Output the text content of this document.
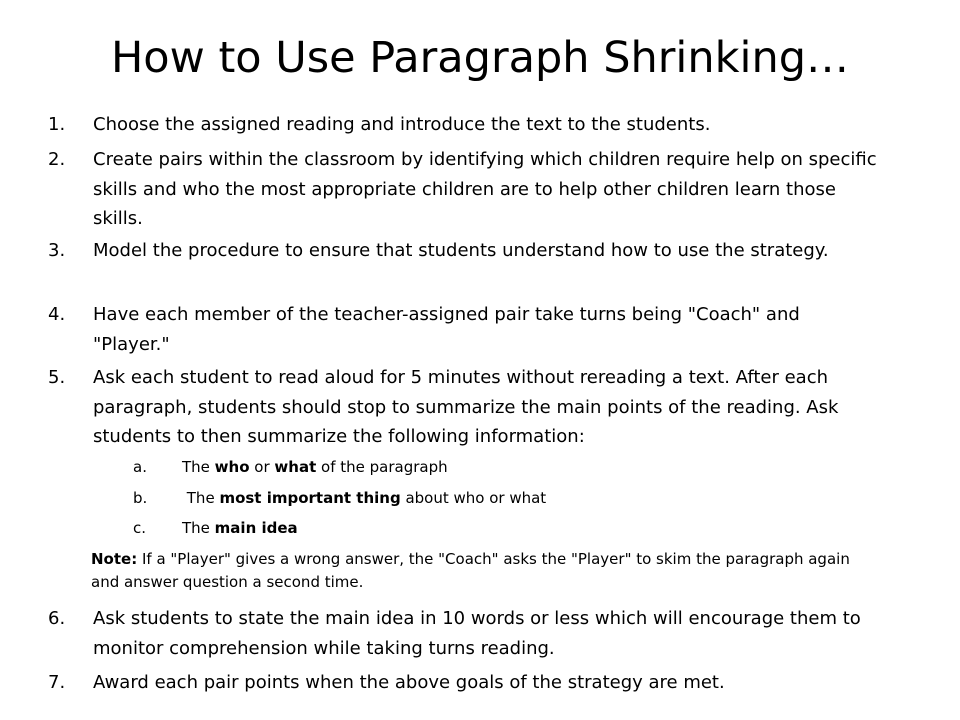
How to Use Paragraph Shrinking…
1.	Choose the assigned reading and introduce the text to the students.
2.	Create pairs within the classroom by identifying which children require help on specific skills and who the most appropriate children are to help other children learn those skills.
3.	Model the procedure to ensure that students understand how to use the strategy.
4.	Have each member of the teacher-assigned pair take turns being "Coach" and "Player."
5.	Ask each student to read aloud for 5 minutes without rereading a text. After each paragraph, students should stop to summarize the main points of the reading. Ask students to then summarize the following information:
a.	The who or what of the paragraph
b.	The most important thing about who or what
c.	The main idea
Note: If a "Player" gives a wrong answer, the "Coach" asks the "Player" to skim the paragraph again and answer question a second time.
6.	Ask students to state the main idea in 10 words or less which will encourage them to monitor comprehension while taking turns reading.
7.	Award each pair points when the above goals of the strategy are met.
